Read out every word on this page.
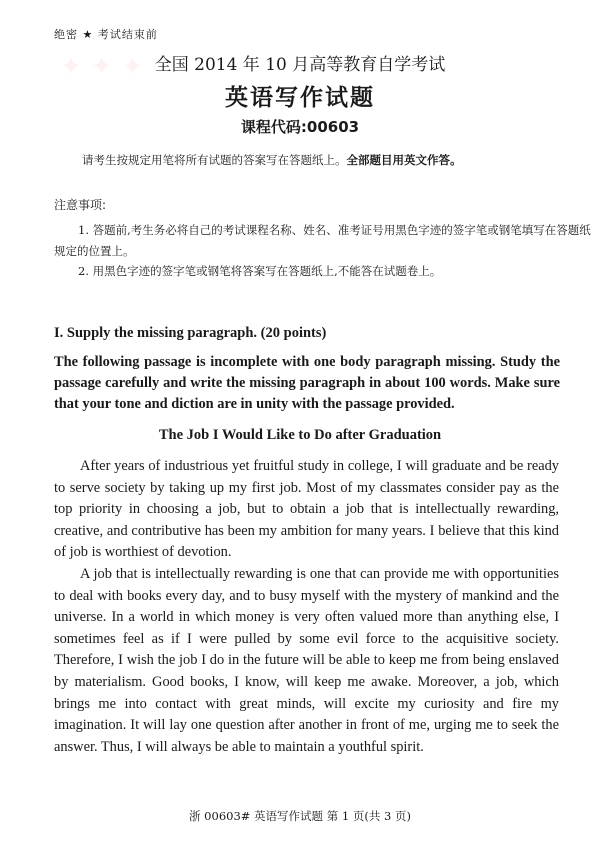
✦ ✦ ✦
绝密 ★ 考试结束前
全国 2014 年 10 月高等教育自学考试
英语写作试题
课程代码:00603
请考生按规定用笔将所有试题的答案写在答题纸上。全部题目用英文作答。
注意事项:
1. 答题前,考生务必将自己的考试课程名称、姓名、准考证号用黑色字迹的签字笔或钢笔填写在答题纸规定的位置上。
2. 用黑色字迹的签字笔或钢笔将答案写在答题纸上,不能答在试题卷上。
I. Supply the missing paragraph. (20 points)
The following passage is incomplete with one body paragraph missing. Study the passage carefully and write the missing paragraph in about 100 words. Make sure that your tone and diction are in unity with the passage provided.
The Job I Would Like to Do after Graduation

After years of industrious yet fruitful study in college, I will graduate and be ready to serve society by taking up my first job. Most of my classmates consider pay as the top priority in choosing a job, but to obtain a job that is intellectually rewarding, creative, and contributive has been my ambition for many years. I believe that this kind of job is worthiest of devotion.

A job that is intellectually rewarding is one that can provide me with opportunities to deal with books every day, and to busy myself with the mystery of mankind and the universe. In a world in which money is very often valued more than anything else, I sometimes feel as if I were pulled by some evil force to the acquisitive society. Therefore, I wish the job I do in the future will be able to keep me from being enslaved by materialism. Good books, I know, will keep me awake. Moreover, a job, which brings me into contact with great minds, will excite my curiosity and fire my imagination. It will lay one question after another in front of me, urging me to seek the answer. Thus, I will always be able to maintain a youthful spirit.

浙 00603# 英语写作试题 第 1 页(共 3 页)
